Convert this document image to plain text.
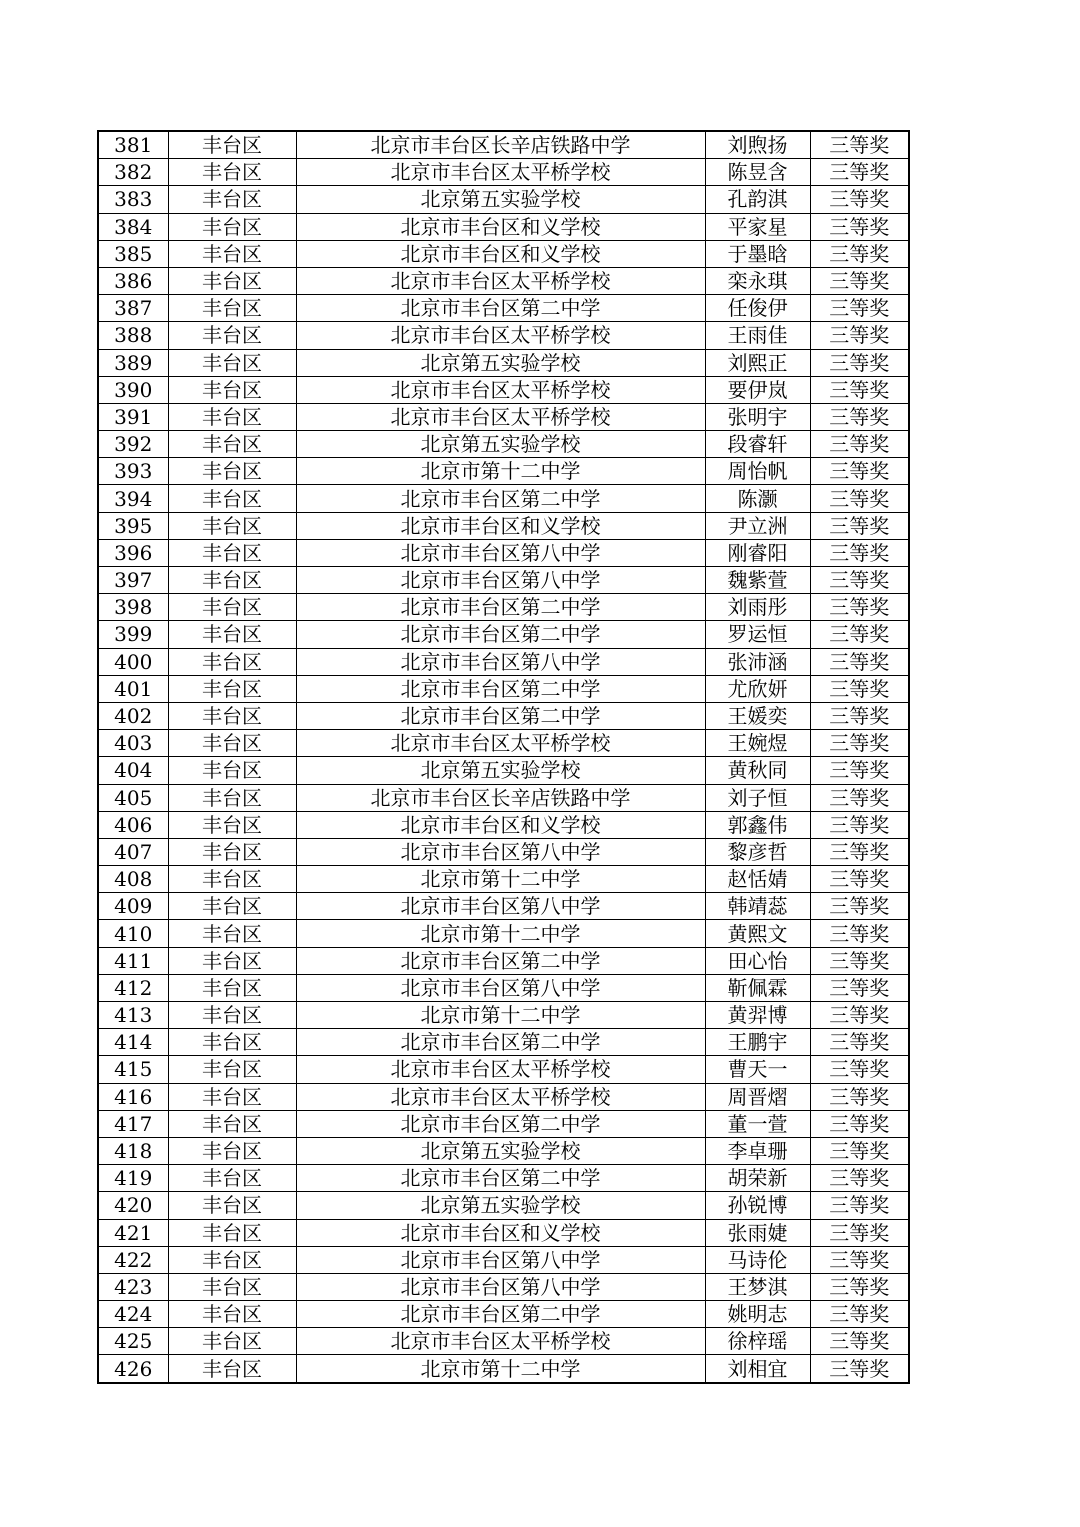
381	丰台区	北京市丰台区长辛店铁路中学	刘煦扬	三等奖
382	丰台区	北京市丰台区太平桥学校	陈昱含	三等奖
383	丰台区	北京第五实验学校	孔韵淇	三等奖
384	丰台区	北京市丰台区和义学校	平家星	三等奖
385	丰台区	北京市丰台区和义学校	于墨晗	三等奖
386	丰台区	北京市丰台区太平桥学校	栾永琪	三等奖
387	丰台区	北京市丰台区第二中学	任俊伊	三等奖
388	丰台区	北京市丰台区太平桥学校	王雨佳	三等奖
389	丰台区	北京第五实验学校	刘熙正	三等奖
390	丰台区	北京市丰台区太平桥学校	要伊岚	三等奖
391	丰台区	北京市丰台区太平桥学校	张明宇	三等奖
392	丰台区	北京第五实验学校	段睿轩	三等奖
393	丰台区	北京市第十二中学	周怡帆	三等奖
394	丰台区	北京市丰台区第二中学	陈灏	三等奖
395	丰台区	北京市丰台区和义学校	尹立洲	三等奖
396	丰台区	北京市丰台区第八中学	刚睿阳	三等奖
397	丰台区	北京市丰台区第八中学	魏紫萱	三等奖
398	丰台区	北京市丰台区第二中学	刘雨彤	三等奖
399	丰台区	北京市丰台区第二中学	罗运恒	三等奖
400	丰台区	北京市丰台区第八中学	张沛涵	三等奖
401	丰台区	北京市丰台区第二中学	尤欣妍	三等奖
402	丰台区	北京市丰台区第二中学	王媛奕	三等奖
403	丰台区	北京市丰台区太平桥学校	王婉煜	三等奖
404	丰台区	北京第五实验学校	黄秋同	三等奖
405	丰台区	北京市丰台区长辛店铁路中学	刘子恒	三等奖
406	丰台区	北京市丰台区和义学校	郭鑫伟	三等奖
407	丰台区	北京市丰台区第八中学	黎彦哲	三等奖
408	丰台区	北京市第十二中学	赵恬婧	三等奖
409	丰台区	北京市丰台区第八中学	韩靖蕊	三等奖
410	丰台区	北京市第十二中学	黄熙文	三等奖
411	丰台区	北京市丰台区第二中学	田心怡	三等奖
412	丰台区	北京市丰台区第八中学	靳佩霖	三等奖
413	丰台区	北京市第十二中学	黄羿博	三等奖
414	丰台区	北京市丰台区第二中学	王鹏宇	三等奖
415	丰台区	北京市丰台区太平桥学校	曹天一	三等奖
416	丰台区	北京市丰台区太平桥学校	周晋熠	三等奖
417	丰台区	北京市丰台区第二中学	董一萱	三等奖
418	丰台区	北京第五实验学校	李卓珊	三等奖
419	丰台区	北京市丰台区第二中学	胡荣新	三等奖
420	丰台区	北京第五实验学校	孙锐博	三等奖
421	丰台区	北京市丰台区和义学校	张雨婕	三等奖
422	丰台区	北京市丰台区第八中学	马诗伦	三等奖
423	丰台区	北京市丰台区第八中学	王梦淇	三等奖
424	丰台区	北京市丰台区第二中学	姚明志	三等奖
425	丰台区	北京市丰台区太平桥学校	徐梓瑶	三等奖
426	丰台区	北京市第十二中学	刘相宜	三等奖
